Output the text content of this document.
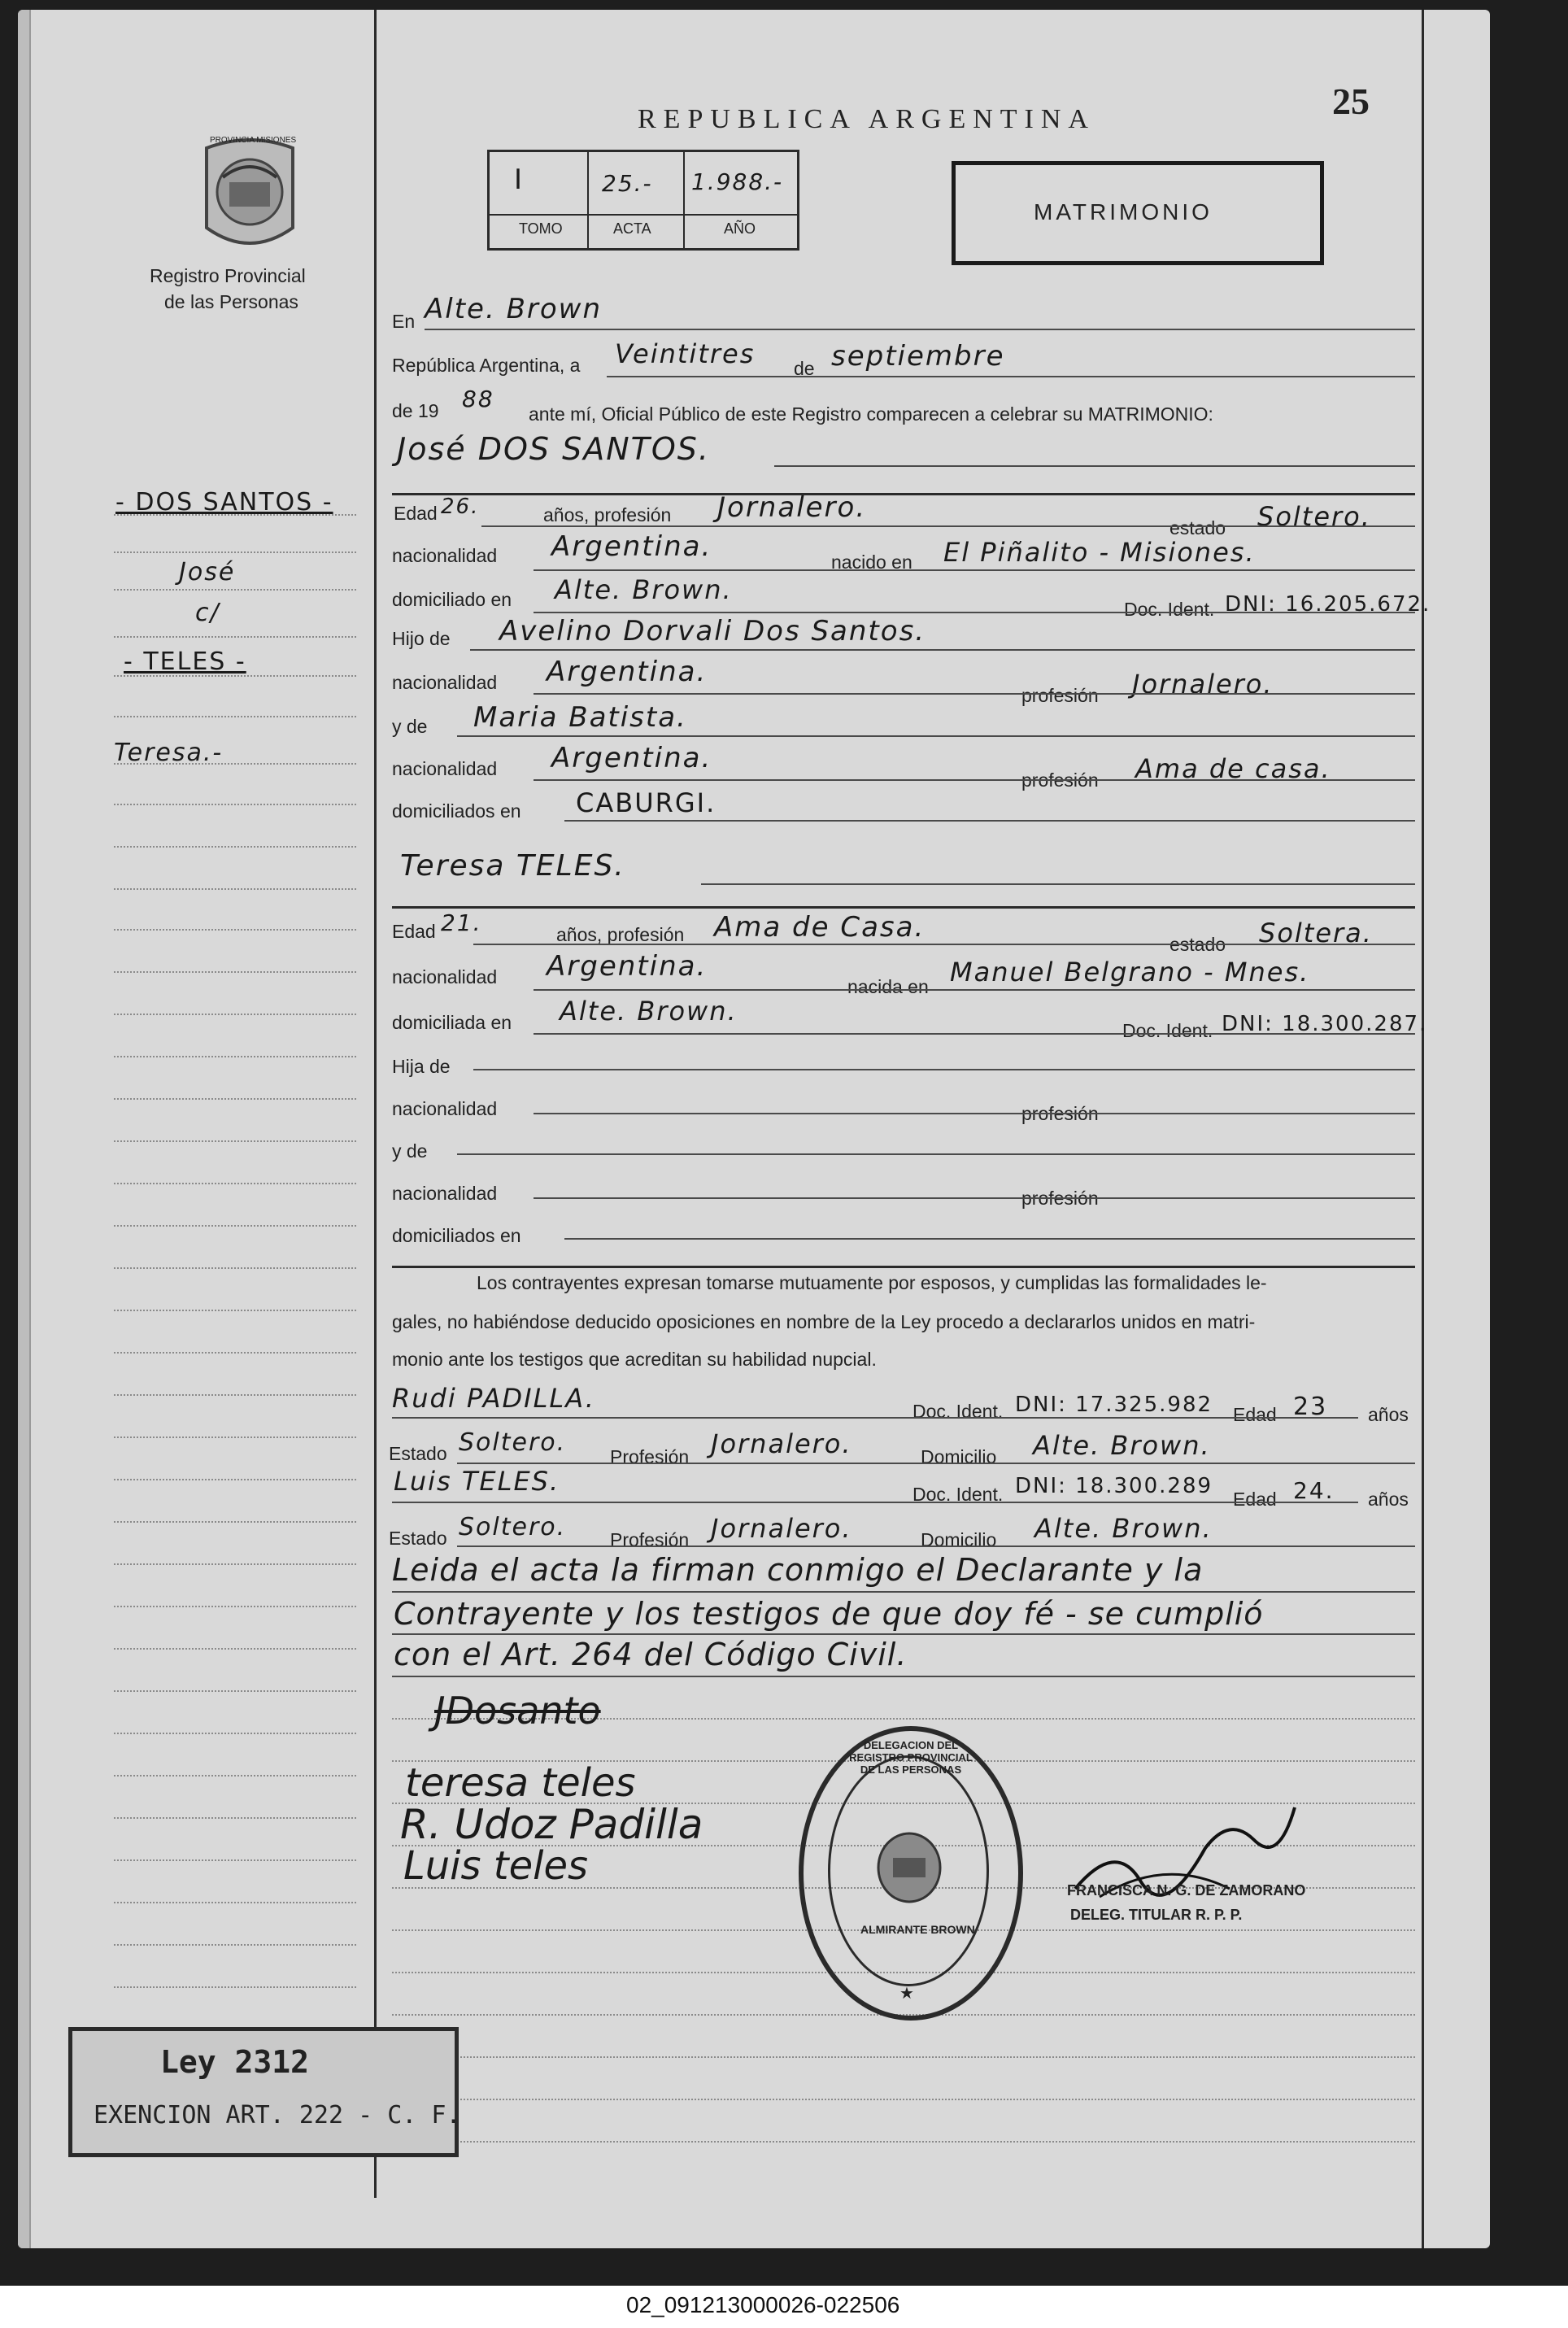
25
REPUBLICA ARGENTINA
PROVINCIA MISIONES
Registro Provincial
de las Personas
I
TOMO
25.-
ACTA
1.988.-
AÑO
MATRIMONIO
- DOS SANTOS -
José
c/
- TELES -
Teresa.-
En Alte. Brown
República Argentina, a Veintitres de septiembre
de 19 88
ante mí, Oficial Público de este Registro comparecen a celebrar su MATRIMONIO:
José DOS SANTOS.
Edad 26.	años, profesión Jornalero.
estado Soltero.
nacionalidad Argentina.	nacido en El Piñalito - Misiones.
domiciliado en Alte. Brown.
Doc. Ident. DNI: 16.205.672.
Hijo de Avelino Dorvali Dos Santos.
nacionalidad Argentina.
profesión Jornalero.
y de Maria Batista.
nacionalidad Argentina.
profesión Ama de casa.
domiciliados en CABURGI.
Teresa TELES.
Edad 21.	años, profesión Ama de Casa.
estado Soltera.
nacionalidad Argentina.
nacida en Manuel Belgrano - Mnes.
domiciliada en Alte. Brown.
Doc. Ident. DNI: 18.300.287.
Hija de
nacionalidad	profesión
y de
nacionalidad	profesión
domiciliados en
Los contrayentes expresan tomarse mutuamente por esposos, y cumplidas las formalidades le-
gales, no habiéndose deducido oposiciones en nombre de la Ley procedo a declararlos unidos en matri-
monio ante los testigos que acreditan su habilidad nupcial.
Rudi PADILLA.	Doc. Ident. DNI: 17.325.982 Edad 23 años
Estado Soltero. Profesión Jornalero.	Domicilio Alte. Brown.
Luis TELES.	Doc. Ident. DNI: 18.300.289
Edad 24. años
Estado Soltero. Profesión Jornalero.	Domicilio Alte. Brown.
Leida el acta la firman conmigo el Declarante y la
Contrayente y los testigos de que doy fé - se cumplió
con el Art. 264 del Código Civil.
JDosanto
teresa teles
R. Udoz Padilla
Luis teles
DELEGACION DEL REGISTRO PROVINCIAL DE LAS PERSONAS
ALMIRANTE BROWN
★
FRANCISCA N. G. DE ZAMORANO
DELEG. TITULAR R. P. P.
Ley 2312
EXENCION ART. 222 - C. F.
02_091213000026-022506
